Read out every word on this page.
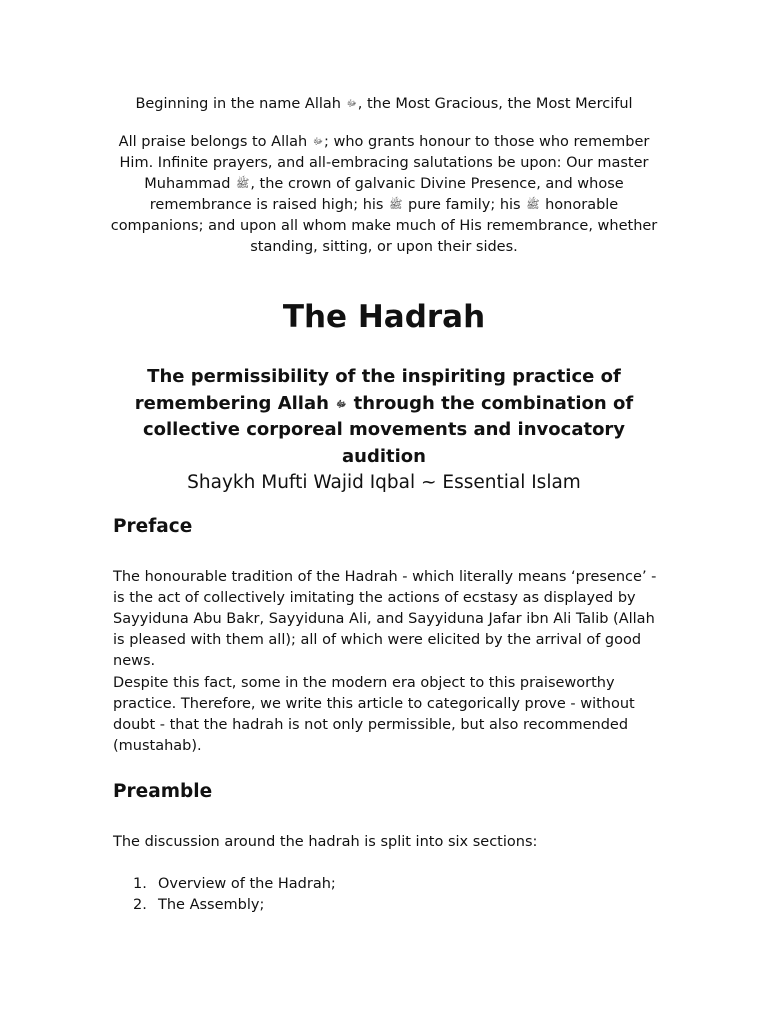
Beginning in the name Allah ﷻ, the Most Gracious, the Most Merciful
All praise belongs to Allah ﷻ; who grants honour to those who remember Him. Infinite prayers, and all-embracing salutations be upon: Our master Muhammad ﷺ, the crown of galvanic Divine Presence, and whose remembrance is raised high; his ﷺ pure family; his ﷺ honorable companions; and upon all whom make much of His remembrance, whether standing, sitting, or upon their sides.
The Hadrah
The permissibility of the inspiriting practice of remembering Allah ﷻ through the combination of collective corporeal movements and invocatory audition
Shaykh Mufti Wajid Iqbal ~ Essential Islam
Preface
The honourable tradition of the Hadrah - which literally means ‘presence’ - is the act of collectively imitating the actions of ecstasy as displayed by Sayyiduna Abu Bakr, Sayyiduna Ali, and Sayyiduna Jafar ibn Ali Talib (Allah is pleased with them all); all of which were elicited by the arrival of good news.
Despite this fact, some in the modern era object to this praiseworthy practice. Therefore, we write this article to categorically prove - without doubt - that the hadrah is not only permissible, but also recommended (mustahab).
Preamble
The discussion around the hadrah is split into six sections:
1. Overview of the Hadrah;
2. The Assembly;
